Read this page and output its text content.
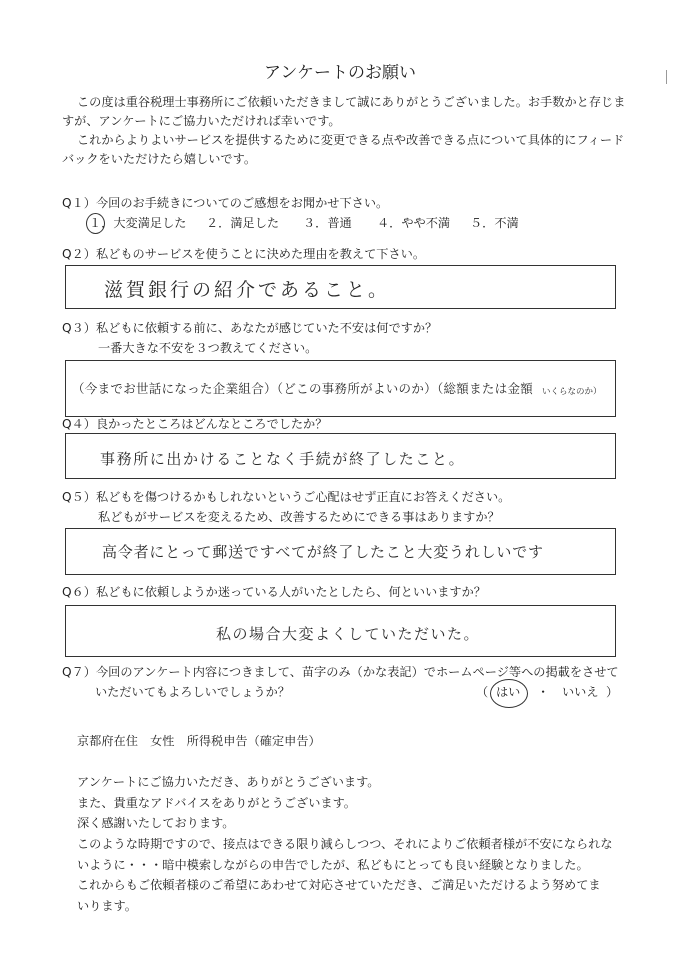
アンケートのお願い
この度は重谷税理士事務所にご依頼いただきまして誠にありがとうございました。お手数かと存じま
すが、アンケートにご協力いただければ幸いです。
これからよりよいサービスを提供するために変更できる点や改善できる点について具体的にフィード
バックをいただけたら嬉しいです。
Q１）今回のお手続きについてのご感想をお聞かせ下さい。
１．大変満足した ２．満足した ３．普通 ４．やや不満 ５．不満
Q２）私どものサービスを使うことに決めた理由を教えて下さい。
滋賀銀行の紹介であること。
Q３）私どもに依頼する前に、あなたが感じていた不安は何ですか？
一番大きな不安を３つ教えてください。
（今までお世話になった企業組合）（どこの事務所がよいのか）（総額または金額 いくらなのか）
Q４）良かったところはどんなところでしたか？
事務所に出かけることなく手続が終了したこと。
Q５）私どもを傷つけるかもしれないというご心配はせず正直にお答えください。
私どもがサービスを変えるため、改善するためにできる事はありますか？
高令者にとって郵送ですべてが終了したこと大変うれしいです
Q６）私どもに依頼しようか迷っている人がいたとしたら、何といいますか？
私の場合大変よくしていただいた。
Q７）今回のアンケート内容につきまして、苗字のみ（かな表記）でホームページ等への掲載をさせて
いただいてもよろしいでしょうか？	（ はい ・ いいえ ）
京都府在住　女性　所得税申告（確定申告）
アンケートにご協力いただき、ありがとうございます。
また、貴重なアドバイスをありがとうございます。
深く感謝いたしております。
このような時期ですので、接点はできる限り減らしつつ、それによりご依頼者様が不安になられな
いように・・・暗中模索しながらの申告でしたが、私どもにとっても良い経験となりました。
これからもご依頼者様のご希望にあわせて対応させていただき、ご満足いただけるよう努めてま
いります。
